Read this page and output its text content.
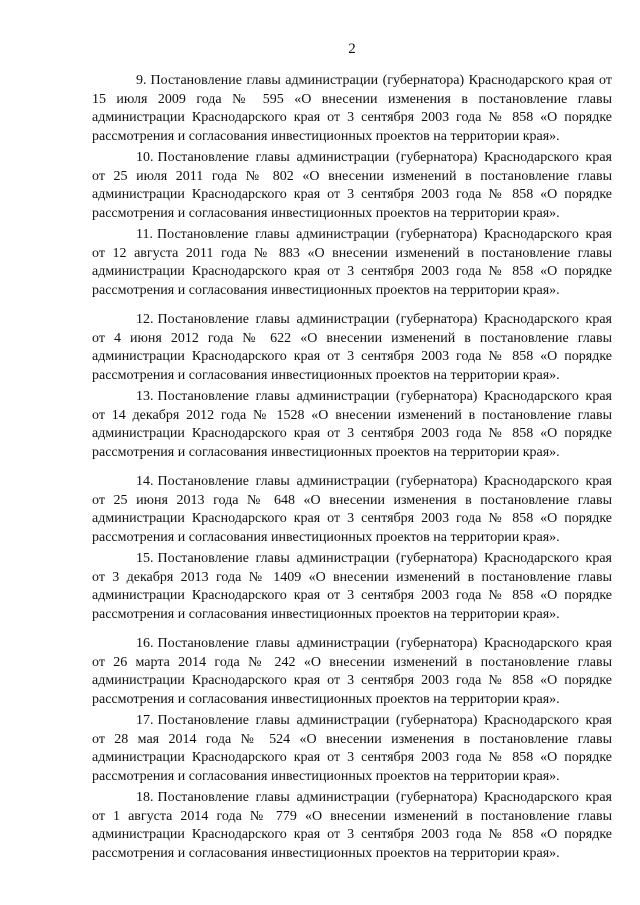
2

9. Постановление главы администрации (губернатора) Краснодарского края от 15 июля 2009 года № 595 «О внесении изменения в постановление главы администрации Краснодарского края от 3 сентября 2003 года № 858 «О порядке рассмотрения и согласования инвестиционных проектов на территории края».

10. Постановление главы администрации (губернатора) Краснодарского края от 25 июля 2011 года № 802 «О внесении изменений в постановление главы администрации Краснодарского края от 3 сентября 2003 года № 858 «О порядке рассмотрения и согласования инвестиционных проектов на территории края».

11. Постановление главы администрации (губернатора) Краснодарского края от 12 августа 2011 года № 883 «О внесении изменений в постановление главы администрации Краснодарского края от 3 сентября 2003 года № 858 «О порядке рассмотрения и согласования инвестиционных проектов на территории края».

12. Постановление главы администрации (губернатора) Краснодарского края от 4 июня 2012 года № 622 «О внесении изменений в постановление главы администрации Краснодарского края от 3 сентября 2003 года № 858 «О порядке рассмотрения и согласования инвестиционных проектов на территории края».

13. Постановление главы администрации (губернатора) Краснодарского края от 14 декабря 2012 года № 1528 «О внесении изменений в постановление главы администрации Краснодарского края от 3 сентября 2003 года № 858 «О порядке рассмотрения и согласования инвестиционных проектов на территории края».

14. Постановление главы администрации (губернатора) Краснодарского края от 25 июня 2013 года № 648 «О внесении изменения в постановление главы администрации Краснодарского края от 3 сентября 2003 года № 858 «О порядке рассмотрения и согласования инвестиционных проектов на территории края».

15. Постановление главы администрации (губернатора) Краснодарского края от 3 декабря 2013 года № 1409 «О внесении изменений в постановление главы администрации Краснодарского края от 3 сентября 2003 года № 858 «О порядке рассмотрения и согласования инвестиционных проектов на территории края».

16. Постановление главы администрации (губернатора) Краснодарского края от 26 марта 2014 года № 242 «О внесении изменений в постановление главы администрации Краснодарского края от 3 сентября 2003 года № 858 «О порядке рассмотрения и согласования инвестиционных проектов на территории края».

17. Постановление главы администрации (губернатора) Краснодарского края от 28 мая 2014 года № 524 «О внесении изменения в постановление главы администрации Краснодарского края от 3 сентября 2003 года № 858 «О порядке рассмотрения и согласования инвестиционных проектов на территории края».

18. Постановление главы администрации (губернатора) Краснодарского края от 1 августа 2014 года № 779 «О внесении изменений в постановление главы администрации Краснодарского края от 3 сентября 2003 года № 858 «О порядке рассмотрения и согласования инвестиционных проектов на территории края».
